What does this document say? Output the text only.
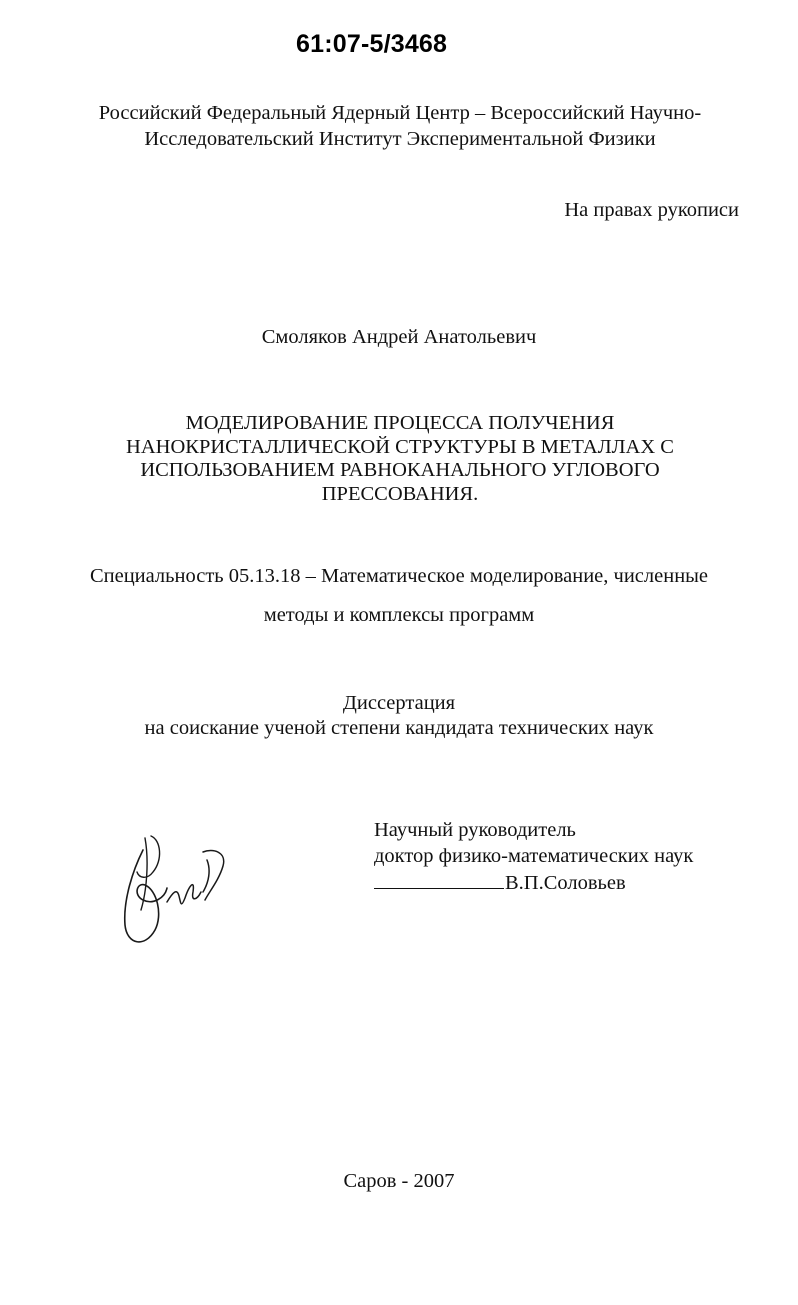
61:07-5/3468
Российский Федеральный Ядерный Центр – Всероссийский Научно-
Исследовательский Институт Экспериментальной Физики
На правах рукописи
Смоляков Андрей Анатольевич
МОДЕЛИРОВАНИЕ ПРОЦЕССА ПОЛУЧЕНИЯ
НАНОКРИСТАЛЛИЧЕСКОЙ СТРУКТУРЫ В МЕТАЛЛАХ С
ИСПОЛЬЗОВАНИЕМ РАВНОКАНАЛЬНОГО УГЛОВОГО
ПРЕССОВАНИЯ.
Специальность 05.13.18 – Математическое моделирование, численные
методы и комплексы программ
Диссертация
на соискание ученой степени кандидата технических наук
Научный руководитель
доктор физико-математических наук
В.П.Соловьев
Саров - 2007
